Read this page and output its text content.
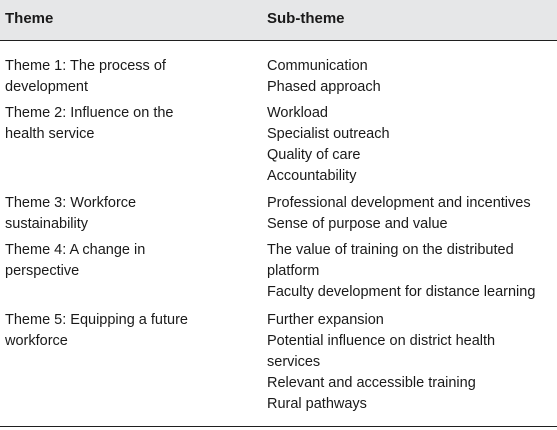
Theme	Sub-theme
Theme 1: The process of
development
Communication
Phased approach
Theme 2: Influence on the
health service
Workload
Specialist outreach
Quality of care
Accountability
Theme 3: Workforce
sustainability
Professional development and incentives
Sense of purpose and value
Theme 4: A change in
perspective
The value of training on the distributed
platform
Faculty development for distance learning
Theme 5: Equipping a future
workforce
Further expansion
Potential influence on district health
services
Relevant and accessible training
Rural pathways
